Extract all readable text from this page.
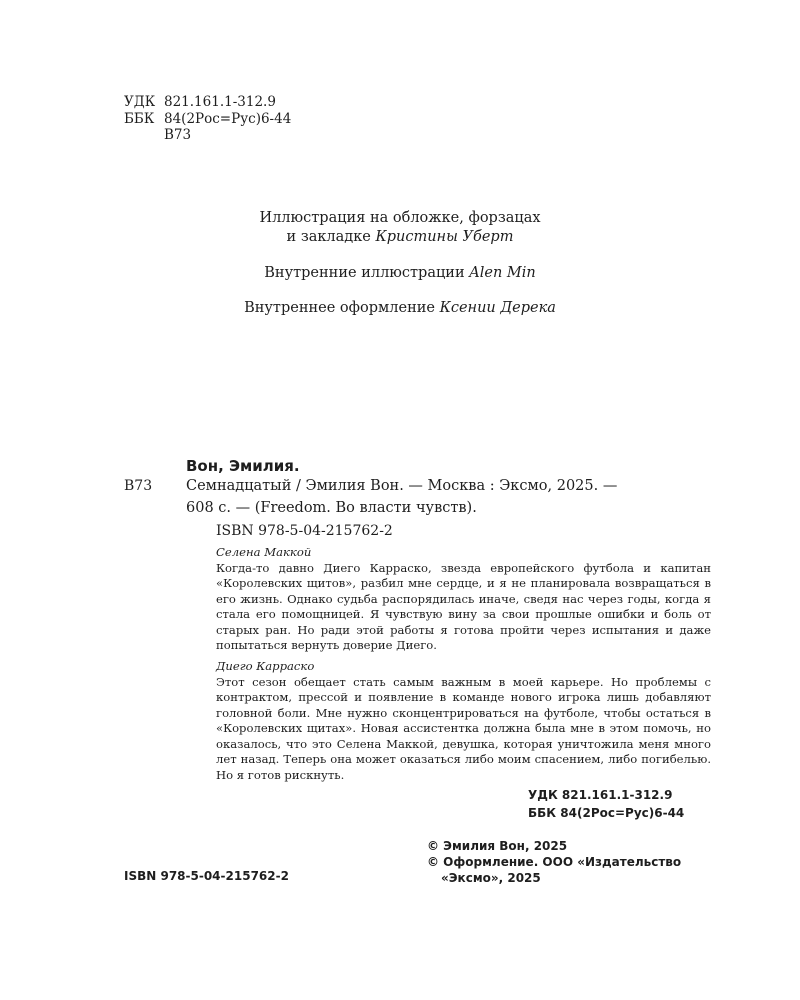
УДК 821.161.1-312.9
ББК 84(2Рос=Рус)6-44
В73

Иллюстрация на обложке, форзацах

и закладке Кристины Уберт

Внутренние иллюстрации Alen Min

Внутреннее оформление Ксении Дерека

Вон, Эмилия.
В73 Семнадцатый / Эмилия Вон. — Москва : Эксмо, 2025. —
608 с. — (Freedom. Во власти чувств).
ISBN 978-5-04-215762-2
Селена Маккой

Когда-то давно Диего Карраско, звезда европейского футбола и капитан «Королевских щитов», разбил мне сердце, и я не планировала возвращаться в его жизнь. Однако судьба распорядилась иначе, сведя нас через годы, когда я стала его помощницей. Я чувствую вину за свои прошлые ошибки и боль от старых ран. Но ради этой работы я готова пройти через испытания и даже попытаться вернуть доверие Диего.

Диего Карраско

Этот сезон обещает стать самым важным в моей карьере. Но проблемы с контрактом, прессой и появление в команде нового игрока лишь добавляют головной боли. Мне нужно сконцентрироваться на футболе, чтобы остаться в «Королевских щитах». Новая ассистентка должна была мне в этом помочь, но оказалось, что это Селена Маккой, девушка, которая уничтожила меня много лет назад. Теперь она может оказаться либо моим спасением, либо погибелью. Но я готов рискнуть.

УДК 821.161.1-312.9
ББК 84(2Рос=Рус)6-44
© Эмилия Вон, 2025
© Оформление. ООО «Издательство
«Эксмо», 2025
ISBN 978-5-04-215762-2
